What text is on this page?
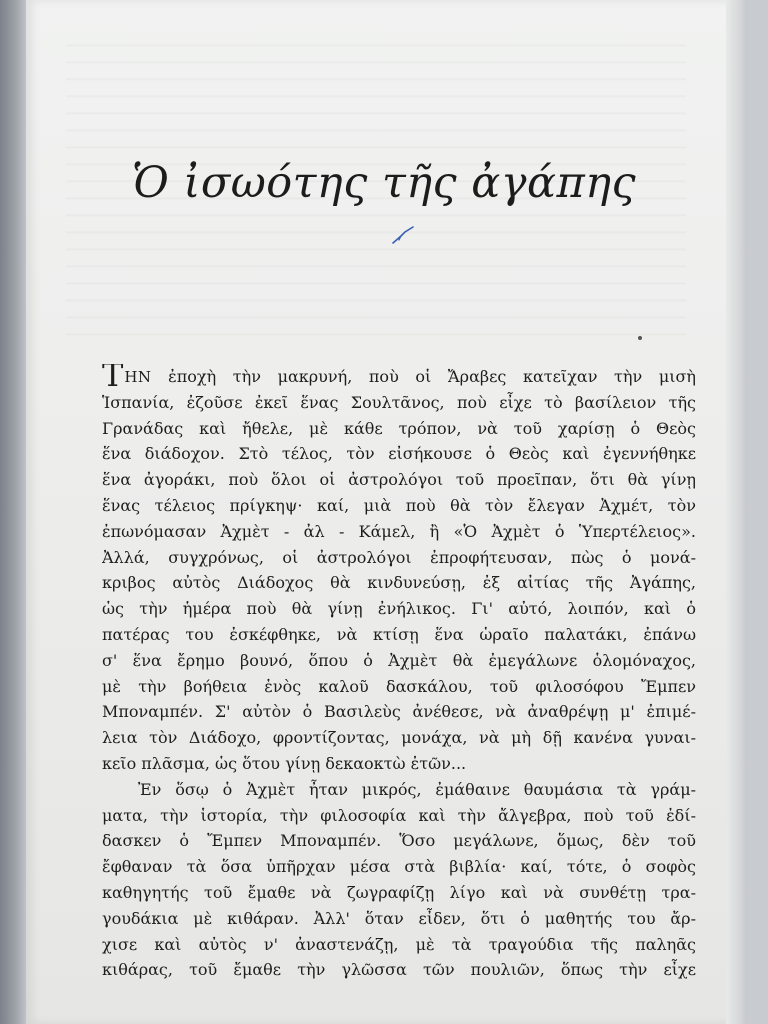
Ὁ ἰσωότης τῆς ἀγάπης
ΤΗΝ ἐποχὴ τὴν μακρυνή, ποὺ οἱ Ἄραβες κατεῖχαν τὴν μισὴ
Ἱσπανία, ἐζοῦσε ἐκεῖ ἕνας Σουλτᾶνος, ποὺ εἶχε τὸ βασίλειον τῆς
Γρανάδας καὶ ἤθελε, μὲ κάθε τρόπον, νὰ τοῦ χαρίσῃ ὁ Θεὸς
ἕνα διάδοχον. Στὸ τέλος, τὸν εἰσήκουσε ὁ Θεὸς καὶ ἐγεννήθηκε
ἕνα ἀγοράκι, ποὺ ὅλοι οἱ ἀστρολόγοι τοῦ προεῖπαν, ὅτι θὰ γίνῃ
ἕνας τέλειος πρίγκηψ· καί, μιὰ ποὺ θὰ τὸν ἔλεγαν Ἀχμέτ, τὸν
ἐπωνόμασαν Ἀχμὲτ - ἀλ - Κάμελ, ἢ «Ὁ Ἀχμὲτ ὁ Ὑπερτέλειος».
Ἀλλά, συγχρόνως, οἱ ἀστρολόγοι ἐπροφήτευσαν, πὼς ὁ μονά-
κριβος αὐτὸς Διάδοχος θὰ κινδυνεύσῃ, ἐξ αἰτίας τῆς Ἀγάπης,
ὡς τὴν ἡμέρα ποὺ θὰ γίνῃ ἐνήλικος. Γι' αὐτό, λοιπόν, καὶ ὁ
πατέρας του ἐσκέφθηκε, νὰ κτίσῃ ἕνα ὡραῖο παλατάκι, ἐπάνω
σ' ἕνα ἔρημο βουνό, ὅπου ὁ Ἀχμὲτ θὰ ἐμεγάλωνε ὁλομόναχος,
μὲ τὴν βοήθεια ἑνὸς καλοῦ δασκάλου, τοῦ φιλοσόφου Ἔμπεν
Μποναμπέν. Σ' αὐτὸν ὁ Βασιλεὺς ἀνέθεσε, νὰ ἀναθρέψῃ μ' ἐπιμέ-
λεια τὸν Διάδοχο, φροντίζοντας, μονάχα, νὰ μὴ δῇ κανένα γυναι-
κεῖο πλᾶσμα, ὡς ὅτου γίνῃ δεκαοκτὼ ἐτῶν...
Ἐν ὅσῳ ὁ Ἀχμὲτ ἦταν μικρός, ἐμάθαινε θαυμάσια τὰ γράμ-
ματα, τὴν ἱστορία, τὴν φιλοσοφία καὶ τὴν ἄλγεβρα, ποὺ τοῦ ἐδί-
δασκεν ὁ Ἔμπεν Μποναμπέν. Ὅσο μεγάλωνε, ὅμως, δὲν τοῦ
ἔφθαναν τὰ ὅσα ὑπῆρχαν μέσα στὰ βιβλία· καί, τότε, ὁ σοφὸς
καθηγητής τοῦ ἔμαθε νὰ ζωγραφίζῃ λίγο καὶ νὰ συνθέτῃ τρα-
γουδάκια μὲ κιθάραν. Ἀλλ' ὅταν εἶδεν, ὅτι ὁ μαθητής του ἄρ-
χισε καὶ αὐτὸς ν' ἀναστενάζῃ, μὲ τὰ τραγούδια τῆς παληᾶς
κιθάρας, τοῦ ἔμαθε τὴν γλῶσσα τῶν πουλιῶν, ὅπως τὴν εἶχε
